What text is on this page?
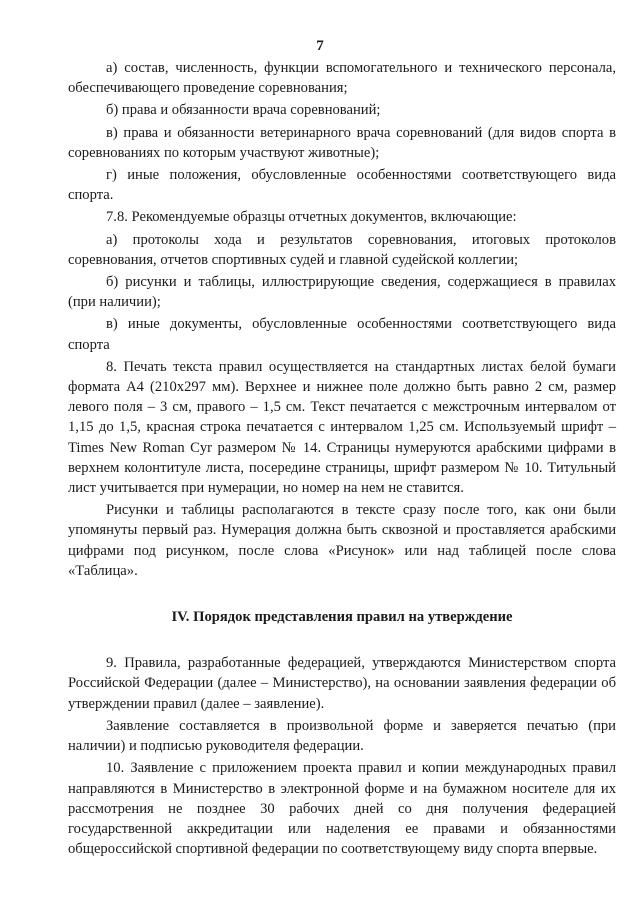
7

а) состав, численность, функции вспомогательного и технического персонала, обеспечивающего проведение соревнования;

б) права и обязанности врача соревнований;

в) права и обязанности ветеринарного врача соревнований (для видов спорта в соревнованиях по которым участвуют животные);

г) иные положения, обусловленные особенностями соответствующего вида спорта.

7.8. Рекомендуемые образцы отчетных документов, включающие:

а) протоколы хода и результатов соревнования, итоговых протоколов соревнования, отчетов спортивных судей и главной судейской коллегии;

б) рисунки и таблицы, иллюстрирующие сведения, содержащиеся в правилах (при наличии);

в) иные документы, обусловленные особенностями соответствующего вида спорта

8. Печать текста правил осуществляется на стандартных листах белой бумаги формата А4 (210х297 мм). Верхнее и нижнее поле должно быть равно 2 см, размер левого поля – 3 см, правого – 1,5 см. Текст печатается с межстрочным интервалом от 1,15 до 1,5, красная строка печатается с интервалом 1,25 см. Используемый шрифт – Times New Roman Cyr размером № 14. Страницы нумеруются арабскими цифрами в верхнем колонтитуле листа, посередине страницы, шрифт размером № 10. Титульный лист учитывается при нумерации, но номер на нем не ставится.

Рисунки и таблицы располагаются в тексте сразу после того, как они были упомянуты первый раз. Нумерация должна быть сквозной и проставляется арабскими цифрами под рисунком, после слова «Рисунок» или над таблицей после слова «Таблица».

IV. Порядок представления правил на утверждение

9. Правила, разработанные федерацией, утверждаются Министерством спорта Российской Федерации (далее – Министерство), на основании заявления федерации об утверждении правил (далее – заявление).

Заявление составляется в произвольной форме и заверяется печатью (при наличии) и подписью руководителя федерации.

10. Заявление с приложением проекта правил и копии международных правил направляются в Министерство в электронной форме и на бумажном носителе для их рассмотрения не позднее 30 рабочих дней со дня получения федерацией государственной аккредитации или наделения ее правами и обязанностями общероссийской спортивной федерации по соответствующему виду спорта впервые.
